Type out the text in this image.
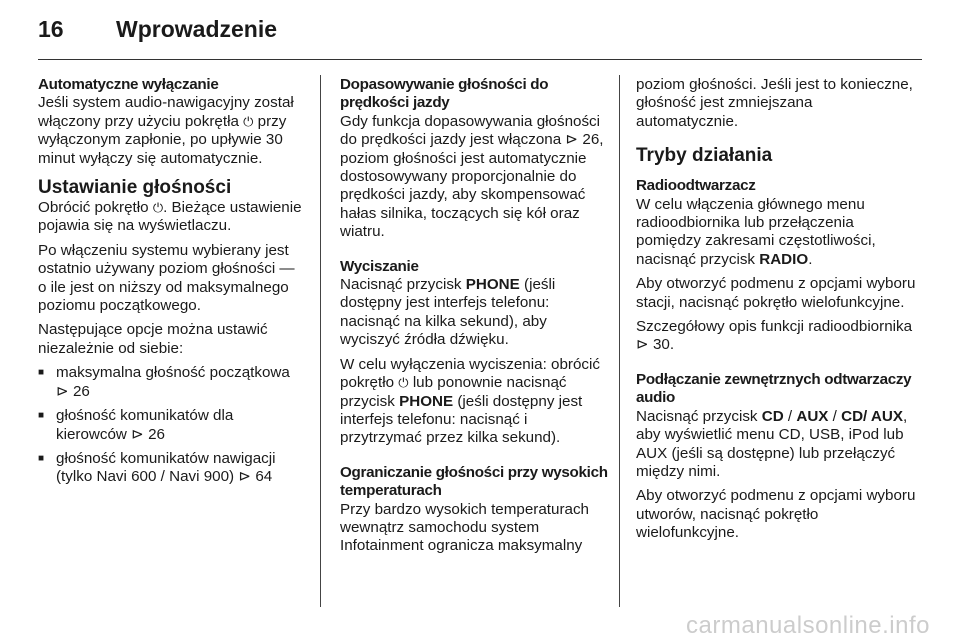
16	Wprowadzenie
Automatyczne wyłączanie

Jeśli system audio-nawigacyjny został włączony przy użyciu pokrętła ⏻ przy wyłączonym zapłonie, po upływie 30 minut wyłączy się automatycznie.

Ustawianie głośności

Obrócić pokrętło ⏻. Bieżące ustawienie pojawia się na wyświetlaczu.

Po włączeniu systemu wybierany jest ostatnio używany poziom głośności — o ile jest on niższy od maksymalnego poziomu początkowego.

Następujące opcje można ustawić niezależnie od siebie:

■ maksymalna głośność początkowa ⊳ 26
■ głośność komunikatów dla kierowców ⊳ 26
■ głośność komunikatów nawigacji (tylko Navi 600 / Navi 900) ⊳ 64
Dopasowywanie głośności do prędkości jazdy

Gdy funkcja dopasowywania głośności do prędkości jazdy jest włączona ⊳ 26, poziom głośności jest automatycznie dostosowywany proporcjonalnie do prędkości jazdy, aby skompensować hałas silnika, toczących się kół oraz wiatru.

Wyciszanie

Nacisnąć przycisk PHONE (jeśli dostępny jest interfejs telefonu: nacisnąć na kilka sekund), aby wyciszyć źródła dźwięku.

W celu wyłączenia wyciszenia: obrócić pokrętło ⏻ lub ponownie nacisnąć przycisk PHONE (jeśli dostępny jest interfejs telefonu: nacisnąć i przytrzymać przez kilka sekund).

Ograniczanie głośności przy wysokich temperaturach

Przy bardzo wysokich temperaturach wewnątrz samochodu system Infotainment ogranicza maksymalny

poziom głośności. Jeśli jest to konieczne, głośność jest zmniejszana automatycznie.

Tryby działania
Radioodtwarzacz

W celu włączenia głównego menu radioodbiornika lub przełączenia pomiędzy zakresami częstotliwości, nacisnąć przycisk RADIO.

Aby otworzyć podmenu z opcjami wyboru stacji, nacisnąć pokrętło wielofunkcyjne.

Szczegółowy opis funkcji radioodbiornika ⊳ 30.

Podłączanie zewnętrznych odtwarzaczy audio

Nacisnąć przycisk CD / AUX / CD/ AUX, aby wyświetlić menu CD, USB, iPod lub AUX (jeśli są dostępne) lub przełączyć między nimi.

Aby otworzyć podmenu z opcjami wyboru utworów, nacisnąć pokrętło wielofunkcyjne.

carmanualsonline.info
